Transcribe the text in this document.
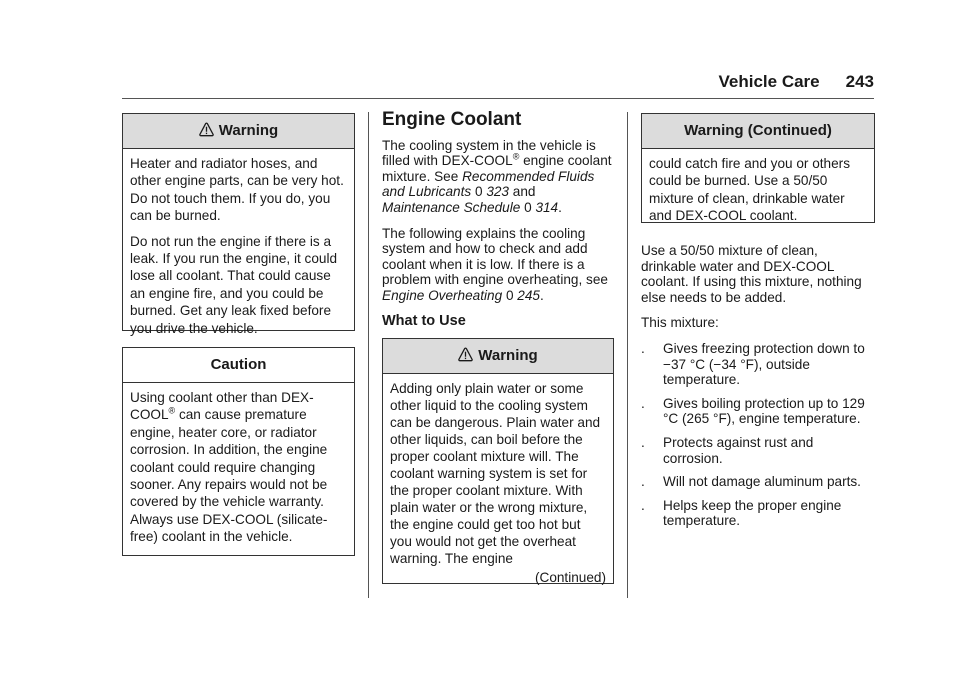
Vehicle Care 243
Warning

Heater and radiator hoses, and other engine parts, can be very hot. Do not touch them. If you do, you can be burned.

Do not run the engine if there is a leak. If you run the engine, it could lose all coolant. That could cause an engine fire, and you could be burned. Get any leak fixed before you drive the vehicle.

Caution

Using coolant other than DEX-COOL® can cause premature engine, heater core, or radiator corrosion. In addition, the engine coolant could require changing sooner. Any repairs would not be covered by the vehicle warranty. Always use DEX-COOL (silicate-free) coolant in the vehicle.

Engine Coolant

The cooling system in the vehicle is filled with DEX-COOL® engine coolant mixture. See Recommended Fluids and Lubricants 0 323 and Maintenance Schedule 0 314.

The following explains the cooling system and how to check and add coolant when it is low. If there is a problem with engine overheating, see Engine Overheating 0 245.

What to Use
Warning

Adding only plain water or some other liquid to the cooling system can be dangerous. Plain water and other liquids, can boil before the proper coolant mixture will. The coolant warning system is set for the proper coolant mixture. With plain water or the wrong mixture, the engine could get too hot but you would not get the overheat warning. The engine

(Continued)
Warning (Continued)

could catch fire and you or others could be burned. Use a 50/50 mixture of clean, drinkable water and DEX-COOL coolant.

Use a 50/50 mixture of clean, drinkable water and DEX-COOL coolant. If using this mixture, nothing else needs to be added.

This mixture:

.	Gives freezing protection down to −37 °C (−34 °F), outside temperature.
.	Gives boiling protection up to 129 °C (265 °F), engine temperature.
.	Protects against rust and corrosion.
.	Will not damage aluminum parts.
.	Helps keep the proper engine temperature.
